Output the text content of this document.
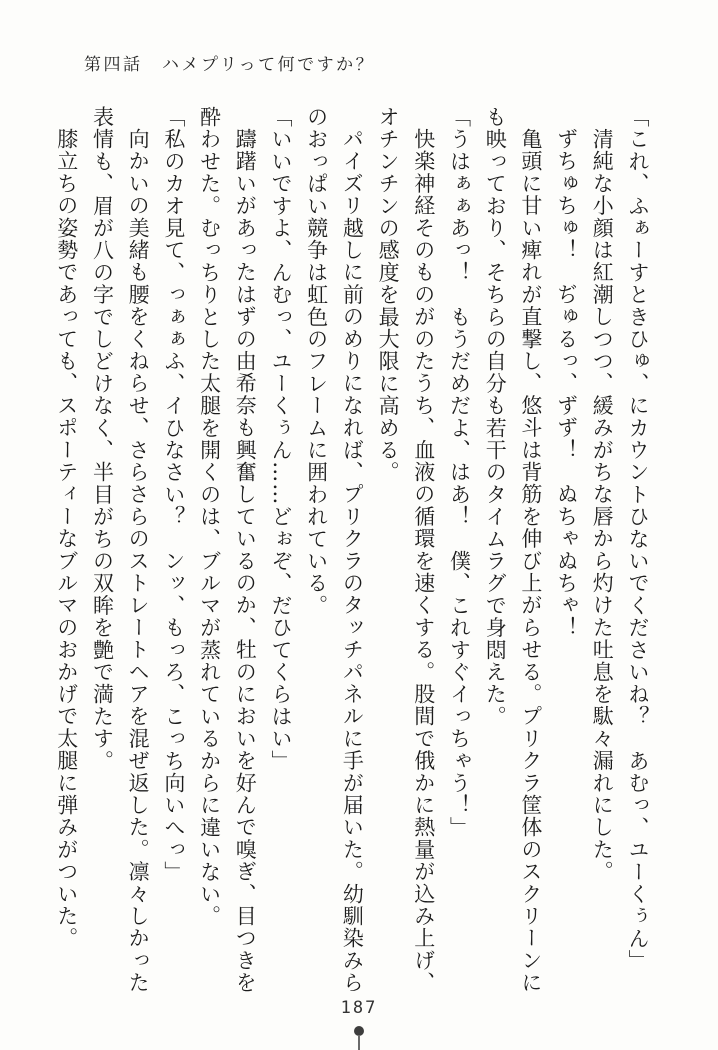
第四話　ハメプリって何ですか？

「これ、ふぁーすときひゅ、にカウントひないでくださいね？　あむっ、ユーくぅん」

清純な小顔は紅潮しつつ、緩みがちな唇から灼けた吐息を駄々漏れにした。

ずちゅちゅ！　ぢゅるっ、ずず！　ぬちゃぬちゃ！

亀頭に甘い痺れが直撃し、悠斗は背筋を伸び上がらせる。プリクラ筐体のスクリーンにも映っており、そちらの自分も若干のタイムラグで身悶えた。

「うはぁぁあっ！　もうだめだよ、はあ！　僕、これすぐイっちゃう！」

快楽神経そのものがのたうち、血液の循環を速くする。股間で俄かに熱量が込み上げ、オチンチンの感度を最大限に高める。

パイズリ越しに前のめりになれば、プリクラのタッチパネルに手が届いた。幼馴染みらのおっぱい競争は虹色のフレームに囲われている。

「いいですよ、んむっ、ユーくぅん……どぉぞ、だひてくらはい」

躊躇いがあったはずの由希奈も興奮しているのか、牡のにおいを好んで嗅ぎ、目つきを酔わせた。むっちりとした太腿を開くのは、ブルマが蒸れているからに違いない。

「私のカオ見て、っぁぁふ、イひなさい？　ンッ、もっろ、こっち向いへっ」

向かいの美緒も腰をくねらせ、さらさらのストレートヘアを混ぜ返した。凛々しかった表情も、眉が八の字でしどけなく、半目がちの双眸を艶で満たす。

膝立ちの姿勢であっても、スポーティーなブルマのおかげで太腿に弾みがついた。

187
